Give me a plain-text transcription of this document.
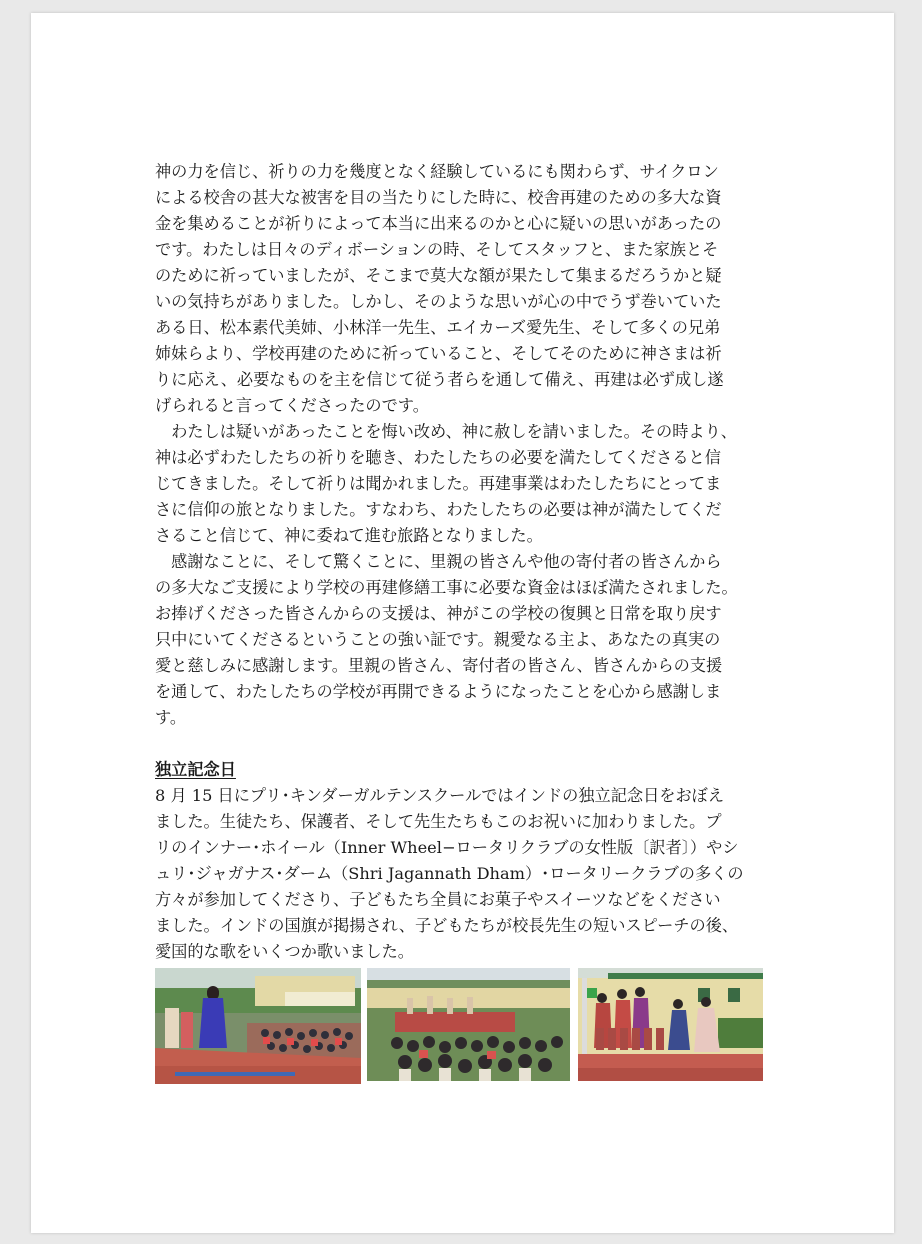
神の力を信じ、祈りの力を幾度となく経験しているにも関わらず、サイクロン
による校舎の甚大な被害を目の当たりにした時に、校舎再建のための多大な資
金を集めることが祈りによって本当に出来るのかと心に疑いの思いがあったの
です。わたしは日々のディボーションの時、そしてスタッフと、また家族とそ
のために祈っていましたが、そこまで莫大な額が果たして集まるだろうかと疑
いの気持ちがありました。しかし、そのような思いが心の中でうず巻いていた
ある日、松本素代美姉、小林洋一先生、エイカーズ愛先生、そして多くの兄弟
姉妹らより、学校再建のために祈っていること、そしてそのために神さまは祈
りに応え、必要なものを主を信じて従う者らを通して備え、再建は必ず成し遂
げられると言ってくださったのです。
　わたしは疑いがあったことを悔い改め、神に赦しを請いました。その時より、
神は必ずわたしたちの祈りを聴き、わたしたちの必要を満たしてくださると信
じてきました。そして祈りは聞かれました。再建事業はわたしたちにとってま
さに信仰の旅となりました。すなわち、わたしたちの必要は神が満たしてくだ
さること信じて、神に委ねて進む旅路となりました。
　感謝なことに、そして驚くことに、里親の皆さんや他の寄付者の皆さんから
の多大なご支援により学校の再建修繕工事に必要な資金はほぼ満たされました。
お捧げくださった皆さんからの支援は、神がこの学校の復興と日常を取り戻す
只中にいてくださるということの強い証です。親愛なる主よ、あなたの真実の
愛と慈しみに感謝します。里親の皆さん、寄付者の皆さん、皆さんからの支援
を通して、わたしたちの学校が再開できるようになったことを心から感謝しま
す。
独立記念日
8 月 15 日にプリ･キンダーガルテンスクールではインドの独立記念日をおぼえ
ました。生徒たち、保護者、そして先生たちもこのお祝いに加わりました。プ
リのインナー･ホイール（Inner Wheel−ロータリクラブの女性版〔訳者〕）やシ
ュリ･ジャガナス･ダーム（Shri Jagannath Dham）･ロータリークラブの多くの
方々が参加してくださり、子どもたち全員にお菓子やスイーツなどをください
ました。インドの国旗が掲揚され、子どもたちが校長先生の短いスピーチの後、
愛国的な歌をいくつか歌いました。
